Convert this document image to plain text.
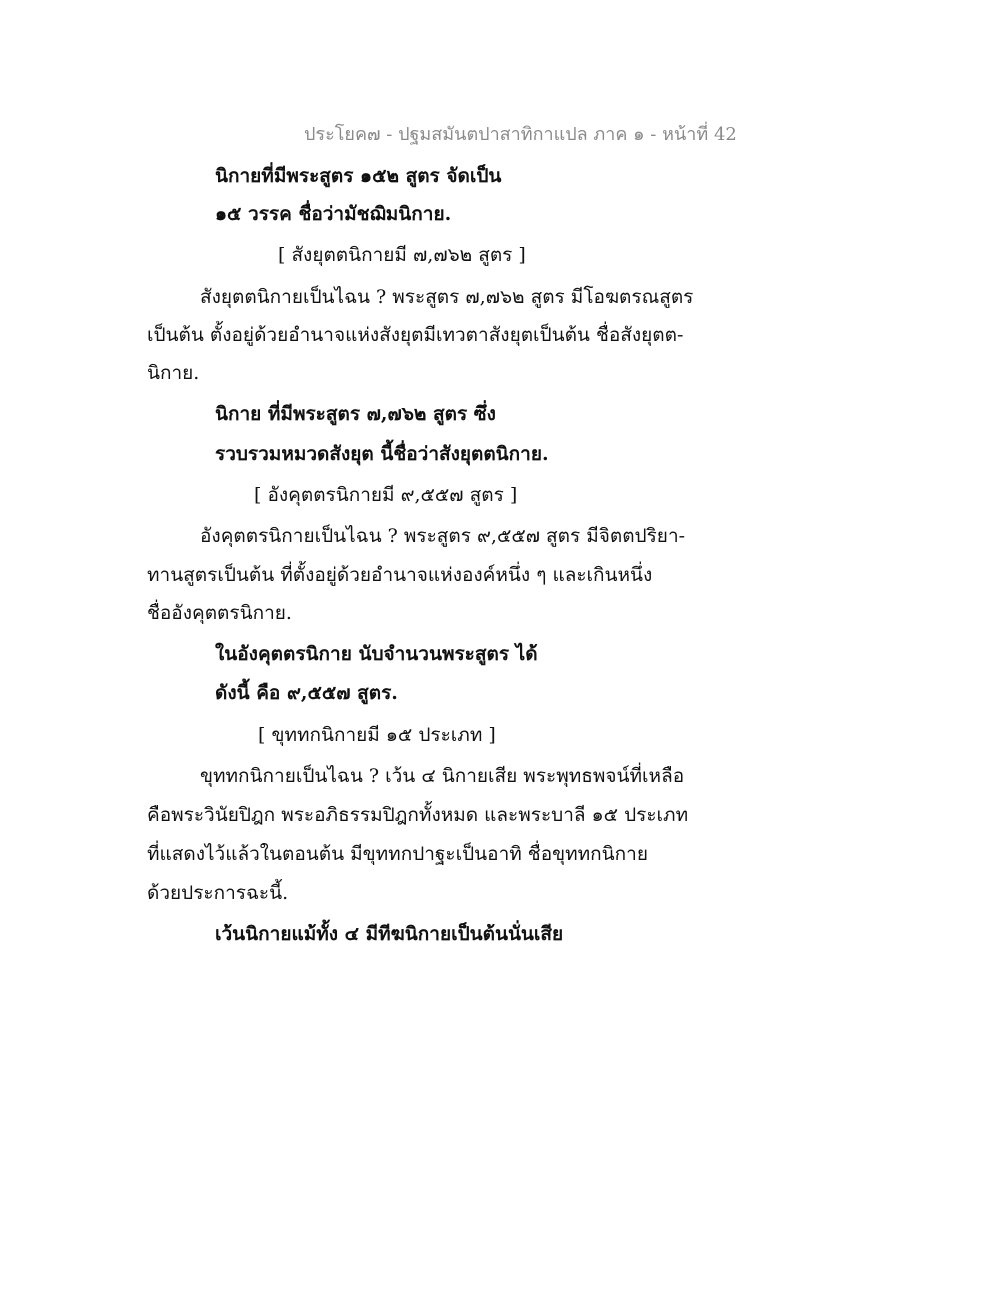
ประโยค๗ - ปฐมสมันตปาสาทิกาแปล ภาค ๑ - หน้าที่ 42
นิกายที่มีพระสูตร ๑๕๒ สูตร จัดเป็น
๑๕ วรรค ชื่อว่ามัชฌิมนิกาย.
[ สังยุตตนิกายมี ๗,๗๖๒ สูตร ]
สังยุตตนิกายเป็นไฉน ? พระสูตร ๗,๗๖๒ สูตร มีโอฆตรณสูตร
เป็นต้น ตั้งอยู่ด้วยอำนาจแห่งสังยุตมีเทวตาสังยุตเป็นต้น ชื่อสังยุตต-
นิกาย.
นิกาย ที่มีพระสูตร ๗,๗๖๒ สูตร ซึ่ง
รวบรวมหมวดสังยุต นี้ชื่อว่าสังยุตตนิกาย.
[ อังคุตตรนิกายมี ๙,๕๕๗ สูตร ]
อังคุตตรนิกายเป็นไฉน ? พระสูตร ๙,๕๕๗ สูตร มีจิตตปริยา-
ทานสูตรเป็นต้น ที่ตั้งอยู่ด้วยอำนาจแห่งองค์หนึ่ง ๆ และเกินหนึ่ง
ชื่ออังคุตตรนิกาย.
ในอังคุตตรนิกาย นับจำนวนพระสูตร ได้
ดังนี้ คือ ๙,๕๕๗ สูตร.
[ ขุททกนิกายมี ๑๕ ประเภท ]
ขุททกนิกายเป็นไฉน ? เว้น ๔ นิกายเสีย พระพุทธพจน์ที่เหลือ
คือพระวินัยปิฎก พระอภิธรรมปิฎกทั้งหมด และพระบาลี ๑๕ ประเภท
ที่แสดงไว้แล้วในตอนต้น มีขุททกปาฐะเป็นอาทิ ชื่อขุททกนิกาย
ด้วยประการฉะนี้.
เว้นนิกายแม้ทั้ง ๔ มีทีฆนิกายเป็นต้นนั่นเสีย
